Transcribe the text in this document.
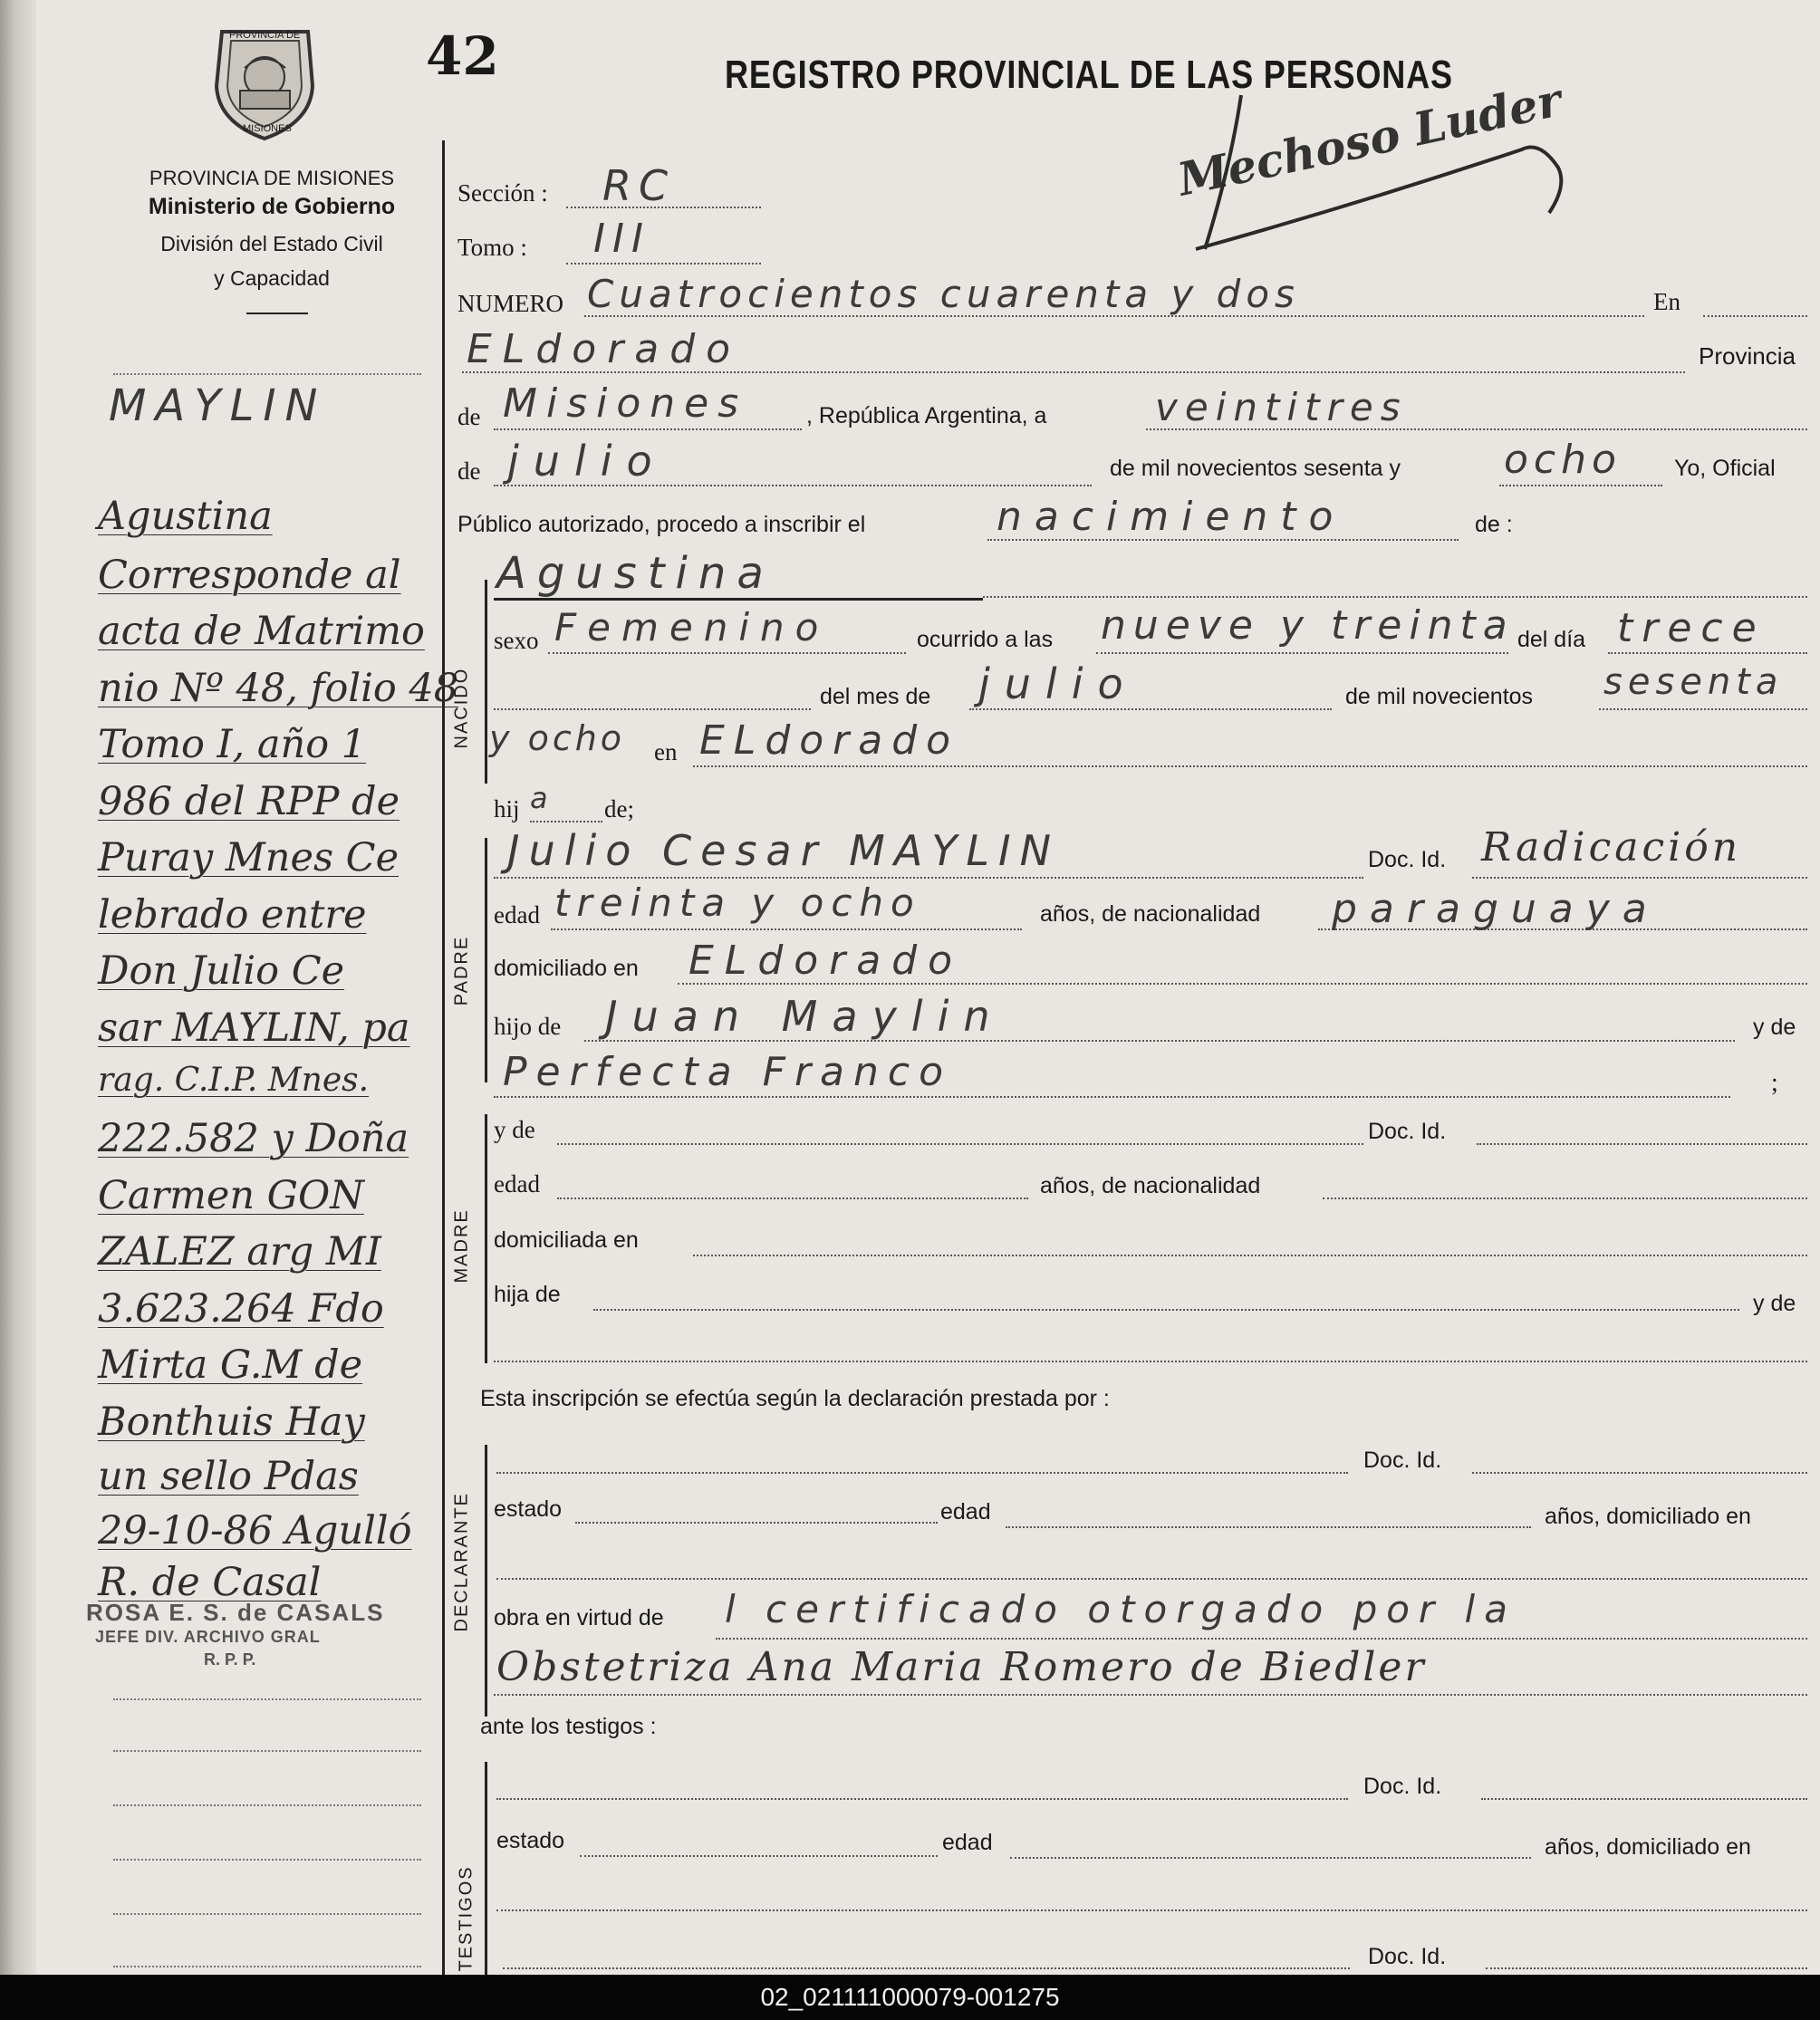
PROVINCIA DE
MISIONES
42	REGISTRO PROVINCIAL DE LAS PERSONAS
PROVINCIA DE MISIONES
Ministerio de Gobierno
División del Estado Civil
y Capacidad
MAYLIN
Agustina
Corresponde al
acta de Matrimo
nio Nº 48, folio 48
Tomo I, año 1
986 del RPP de
Puray Mnes Ce
lebrado entre
Don Julio Ce
sar MAYLIN, pa
rag. C.I.P. Mnes.
222.582 y Doña
Carmen GON
ZALEZ arg MI
3.623.264 Fdo
Mirta G.M de
Bonthuis Hay
un sello Pdas
29-10-86 Agulló
R. de Casal
ROSA E. S. de CASALS
JEFE DIV. ARCHIVO GRAL
R. P. P.
Mechoso Luder
Sección : RC
Tomo : III
NUMERO Cuatrocientos cuarenta y dos	En
ELdorado	Provincia
de Misiones	, República Argentina, a	veintitres
de julio	de mil novecientos sesenta y	ocho Yo, Oficial
Público autorizado, procedo a inscribir el	nacimiento	de :
NACIDO
Agustina
sexo Femenino	ocurrido a las nueve y treinta del día trece
del mes de julio	de mil novecientos sesenta
y ocho en ELdorado
hij a de;
PADRE
Julio Cesar MAYLIN	Doc. Id. Radicación
edad treinta y ocho	años, de nacionalidad paraguaya
domiciliado en ELdorado
hijo de Juan Maylin	y de
Perfecta Franco	;
MADRE
y de	Doc. Id.
edad	años, de nacionalidad
domiciliada en
hija de	y de
Esta inscripción se efectúa según la declaración prestada por :
DECLARANTE
Doc. Id.
estado	edad	años, domiciliado en
obra en virtud de l certificado otorgado por la
Obstetriza Ana Maria Romero de Biedler
ante los testigos :
TESTIGOS
Doc. Id.
estado	edad	años, domiciliado en
Doc. Id.
02_021111000079-001275
